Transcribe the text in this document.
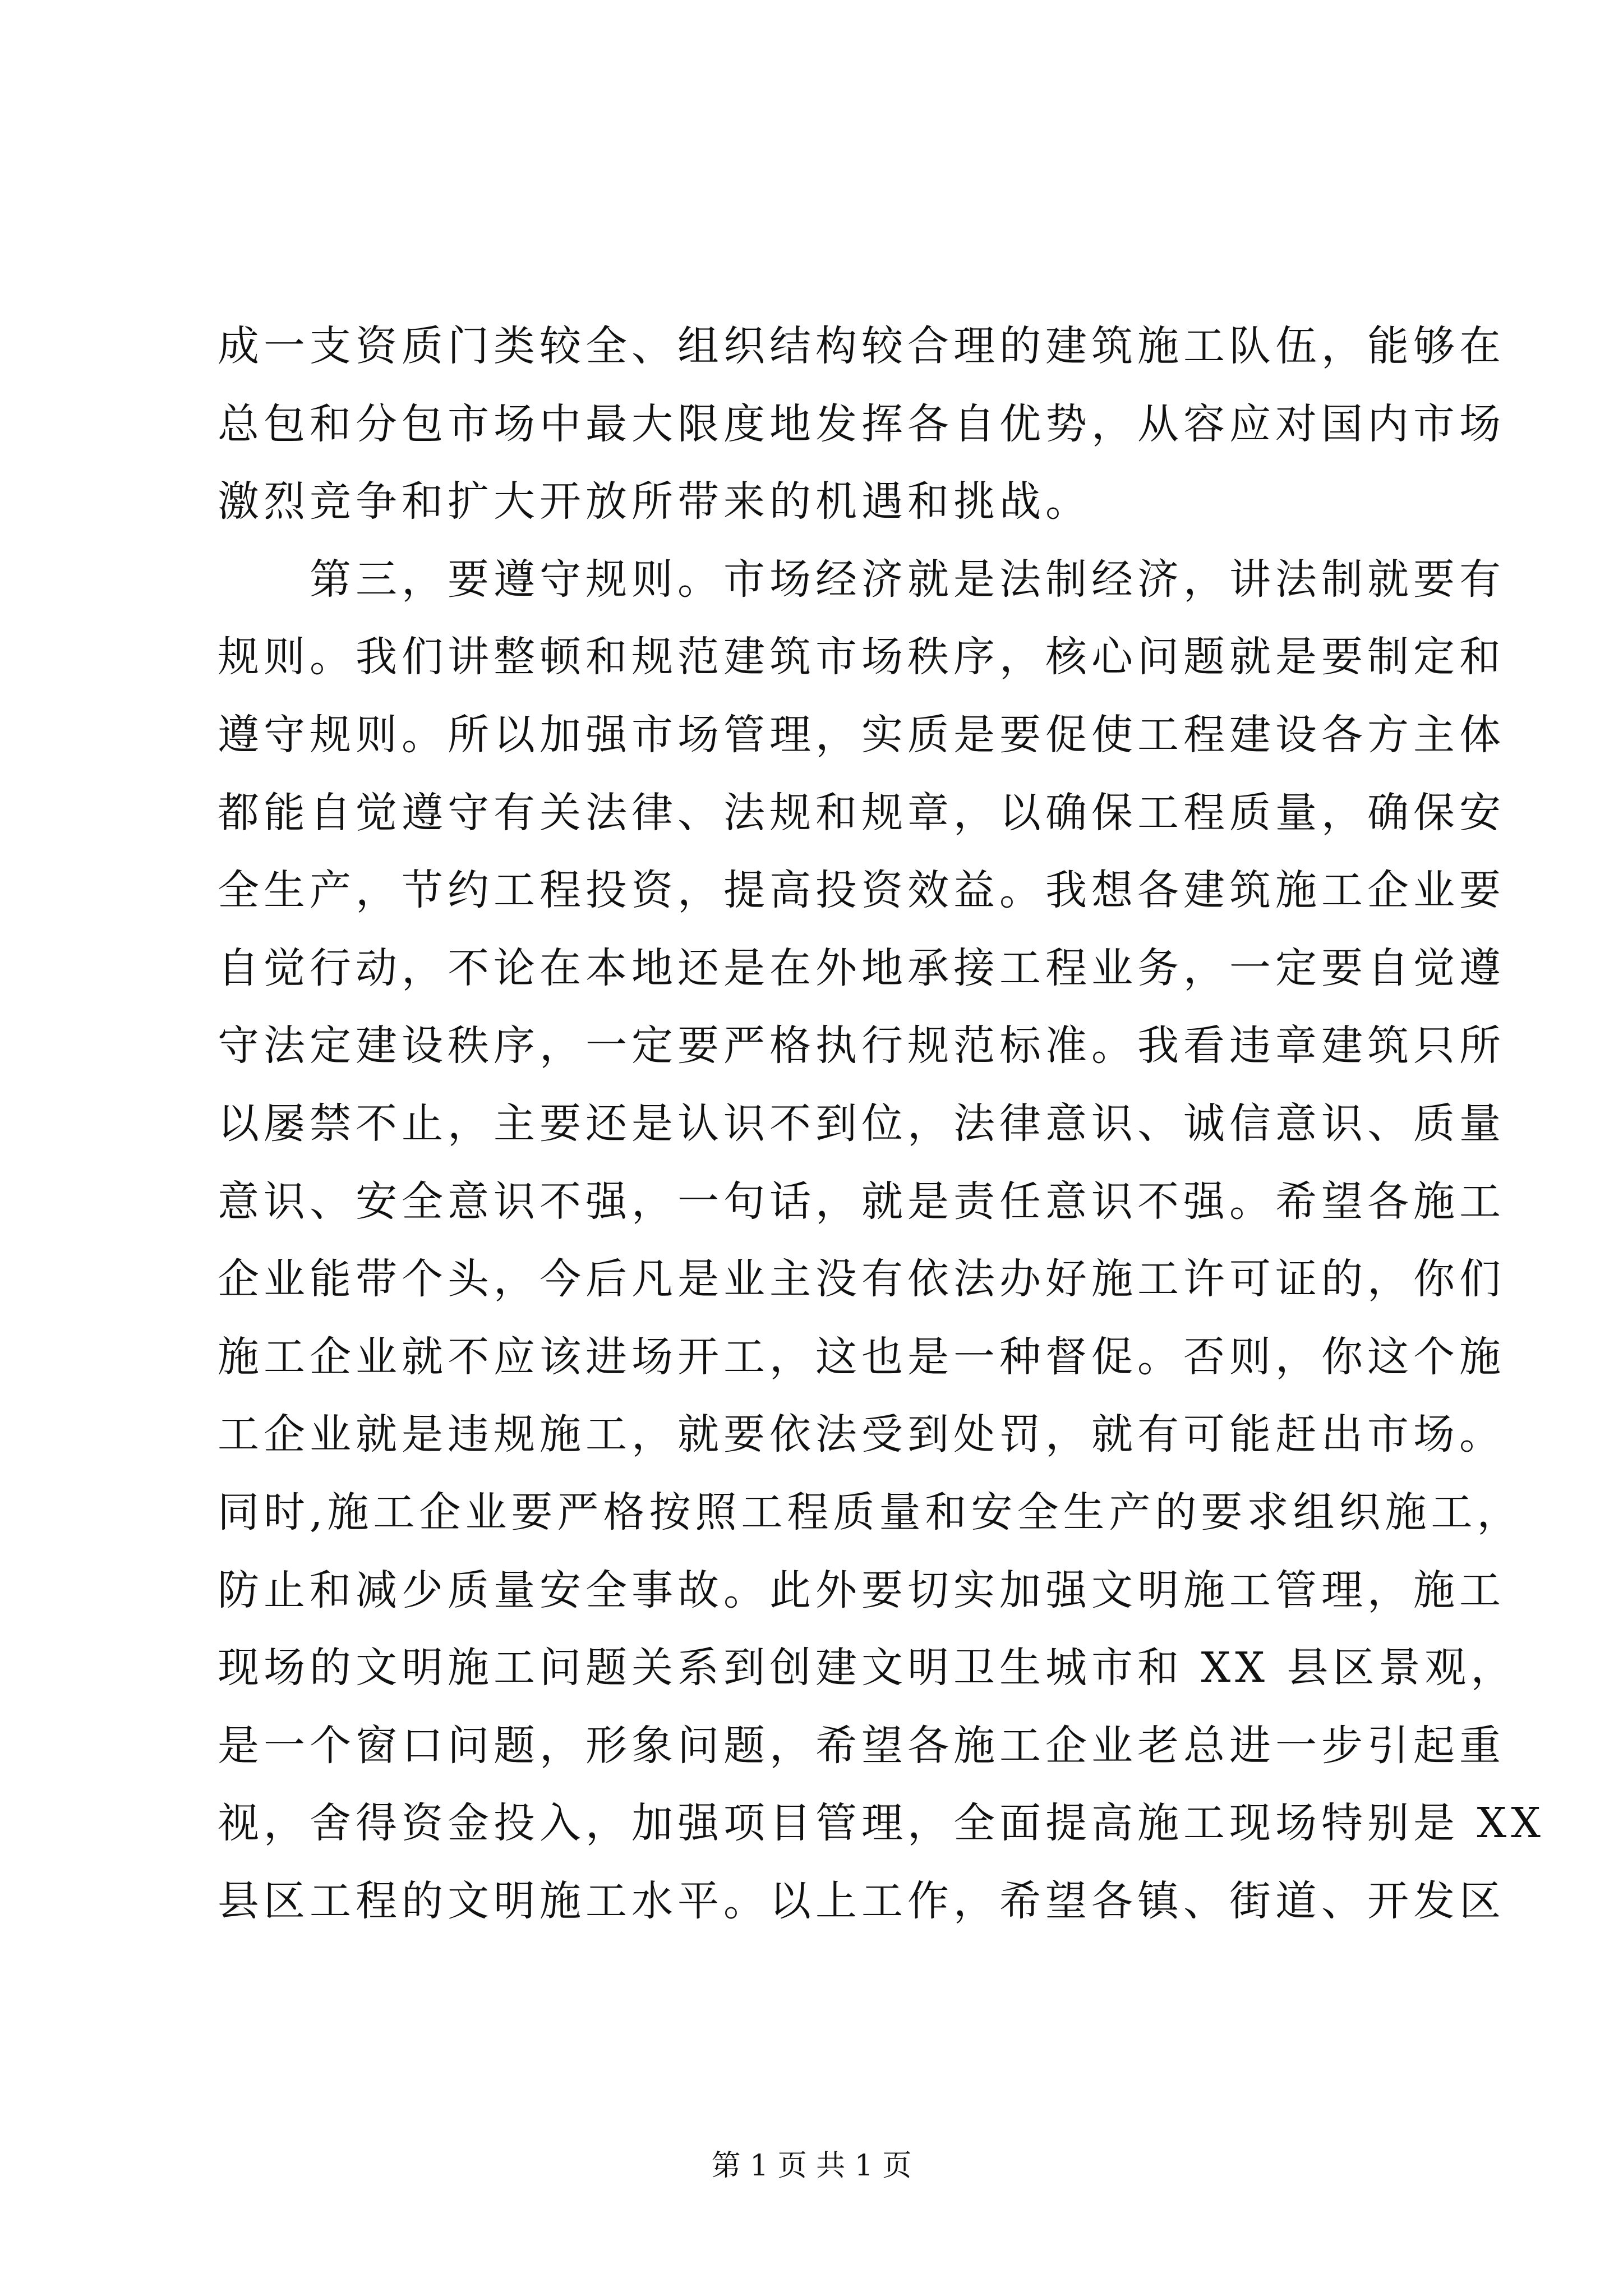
成一支资质门类较全、组织结构较合理的建筑施工队伍，能够在
总包和分包市场中最大限度地发挥各自优势，从容应对国内市场
激烈竞争和扩大开放所带来的机遇和挑战。
　　第三，要遵守规则。市场经济就是法制经济，讲法制就要有
规则。我们讲整顿和规范建筑市场秩序，核心问题就是要制定和
遵守规则。所以加强市场管理，实质是要促使工程建设各方主体
都能自觉遵守有关法律、法规和规章，以确保工程质量，确保安
全生产，节约工程投资，提高投资效益。我想各建筑施工企业要
自觉行动，不论在本地还是在外地承接工程业务，一定要自觉遵
守法定建设秩序，一定要严格执行规范标准。我看违章建筑只所
以屡禁不止，主要还是认识不到位，法律意识、诚信意识、质量
意识、安全意识不强，一句话，就是责任意识不强。希望各施工
企业能带个头，今后凡是业主没有依法办好施工许可证的，你们
施工企业就不应该进场开工，这也是一种督促。否则，你这个施
工企业就是违规施工，就要依法受到处罚，就有可能赶出市场。
同时,施工企业要严格按照工程质量和安全生产的要求组织施工，
防止和减少质量安全事故。此外要切实加强文明施工管理，施工
现场的文明施工问题关系到创建文明卫生城市和 XX 县区景观，
是一个窗口问题，形象问题，希望各施工企业老总进一步引起重
视，舍得资金投入，加强项目管理，全面提高施工现场特别是 XX
县区工程的文明施工水平。以上工作，希望各镇、街道、开发区
第 1 页 共 1 页
